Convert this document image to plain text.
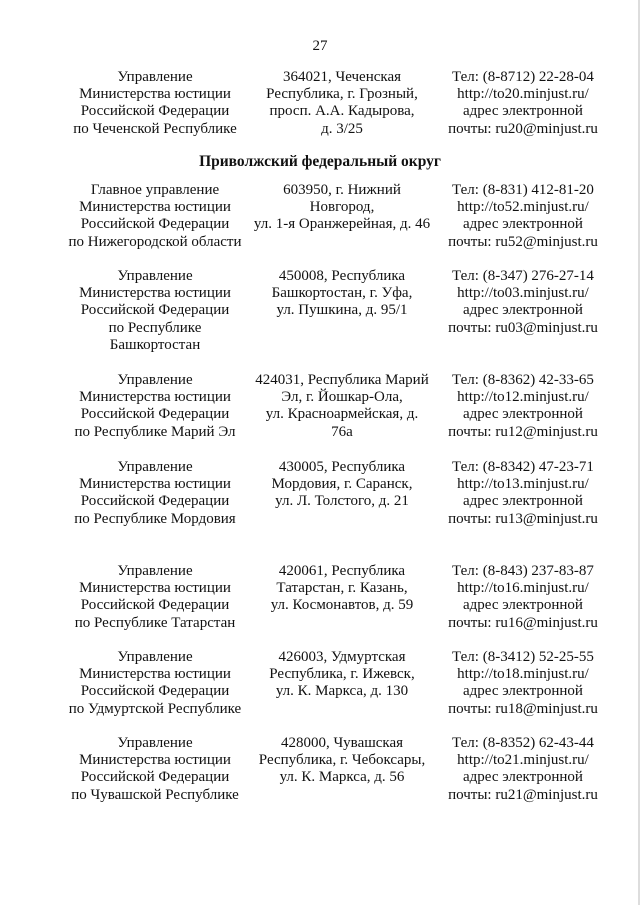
27
Управление
Министерства юстиции
Российской Федерации
по Чеченской Республике
364021, Чеченская
Республика, г. Грозный,
просп. А.А. Кадырова,
д. 3/25
Тел: (8-8712) 22-28-04
http://to20.minjust.ru/
адрес электронной
почты: ru20@minjust.ru
Приволжский федеральный округ
Главное управление
Министерства юстиции
Российской Федерации
по Нижегородской области
603950, г. Нижний
Новгород,
ул. 1-я Оранжерейная, д. 46
Тел: (8-831) 412-81-20
http://to52.minjust.ru/
адрес электронной
почты: ru52@minjust.ru
Управление
Министерства юстиции
Российской Федерации
по Республике
Башкортостан
450008, Республика
Башкортостан, г. Уфа,
ул. Пушкина, д. 95/1
Тел: (8-347) 276-27-14
http://to03.minjust.ru/
адрес электронной
почты: ru03@minjust.ru
Управление
Министерства юстиции
Российской Федерации
по Республике Марий Эл
424031, Республика Марий
Эл, г. Йошкар-Ола,
ул. Красноармейская, д.
76а
Тел: (8-8362) 42-33-65
http://to12.minjust.ru/
адрес электронной
почты: ru12@minjust.ru
Управление
Министерства юстиции
Российской Федерации
по Республике Мордовия
430005, Республика
Мордовия, г. Саранск,
ул. Л. Толстого, д. 21
Тел: (8-8342) 47-23-71
http://to13.minjust.ru/
адрес электронной
почты: ru13@minjust.ru
Управление
Министерства юстиции
Российской Федерации
по Республике Татарстан
420061, Республика
Татарстан, г. Казань,
ул. Космонавтов, д. 59
Тел: (8-843) 237-83-87
http://to16.minjust.ru/
адрес электронной
почты: ru16@minjust.ru
Управление
Министерства юстиции
Российской Федерации
по Удмуртской Республике
426003, Удмуртская
Республика, г. Ижевск,
ул. К. Маркса, д. 130
Тел: (8-3412) 52-25-55
http://to18.minjust.ru/
адрес электронной
почты: ru18@minjust.ru
Управление
Министерства юстиции
Российской Федерации
по Чувашской Республике
428000, Чувашская
Республика, г. Чебоксары,
ул. К. Маркса, д. 56
Тел: (8-8352) 62-43-44
http://to21.minjust.ru/
адрес электронной
почты: ru21@minjust.ru
